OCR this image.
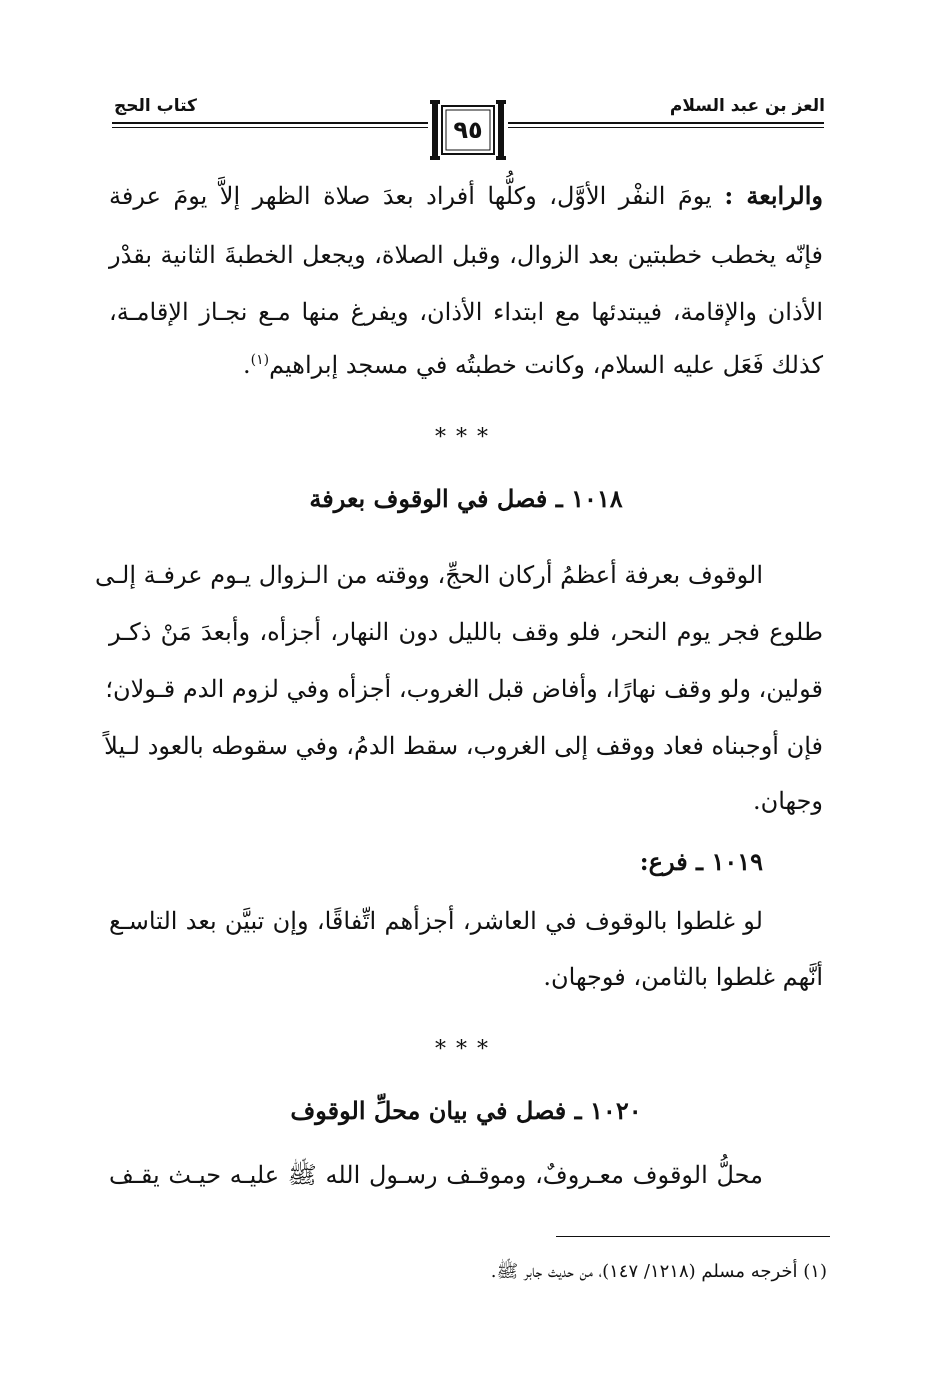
العز بن عبد السلام
كتاب الحج
٩٥
والرابعة : يومَ النفْر الأوَّل، وكلُّها أفراد بعدَ صلاة الظهر إلاَّ يومَ عرفة
فإنّه يخطب خطبتين بعد الزوال، وقبل الصلاة، ويجعل الخطبةَ الثانية بقدْر
الأذان والإقامة، فيبتدئها مع ابتداء الأذان، ويفرغ منها مـع نجـاز الإقامـة،
كذلك فَعَل عليه السلام، وكانت خطبتُه في مسجد إبراهيم$^{(١)}$.
***
١٠١٨ ـ فصل في الوقوف بعرفة
الوقوف بعرفة أعظمُ أركان الحجِّ، ووقته من الـزوال يـوم عرفـة إلـى
طلوع فجر يوم النحر، فلو وقف بالليل دون النهار، أجزأه، وأبعدَ مَنْ ذكـر
قولين، ولو وقف نهارًا، وأفاض قبل الغروب، أجزأه وفي لزوم الدم قـولان؛
فإن أوجبناه فعاد ووقف إلى الغروب، سقط الدمُ، وفي سقوطه بالعود لـيلاً
وجهان.
١٠١٩ ـ فرع:
لو غلطوا بالوقوف في العاشر، أجزأهم اتِّفاقًا، وإن تبيَّن بعد التاسـع
أنَّهم غلطوا بالثامن، فوجهان.
***
١٠٢٠ ـ فصل في بيان محلِّ الوقوف
محلُّ الوقوف معـروفٌ، وموقـف رسـول الله ﷺ عليـه حيـث يقـف
(١) أخرجه مسلم (١٢١٨/ ١٤٧)، من حديث جابر ﷺ.
